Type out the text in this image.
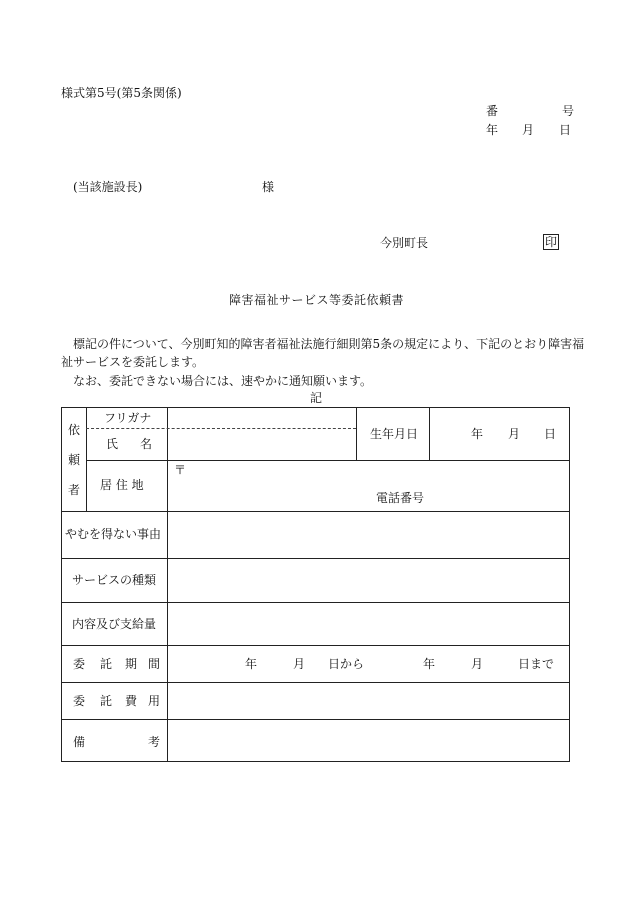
様式第5号(第5条関係)
番	号
年 月 日
(当該施設長)	様
今別町長	印
障害福祉サービス等委託依頼書
標記の件について、今別町知的障害者福祉法施行細則第5条の規定により、下記のとおり障害福
祉サービスを委託します。
なお、委託できない場合には、速やかに通知願います。
記
依
頼
者
フリガナ
氏 名
生年月日	年 月 日
居 住 地
〒
電話番号
やむを得ない事由
サービスの種類
内容及び支給量
委 託 期 間	年	月 日から	年	月	日まで
委 託 費 用
備	考
